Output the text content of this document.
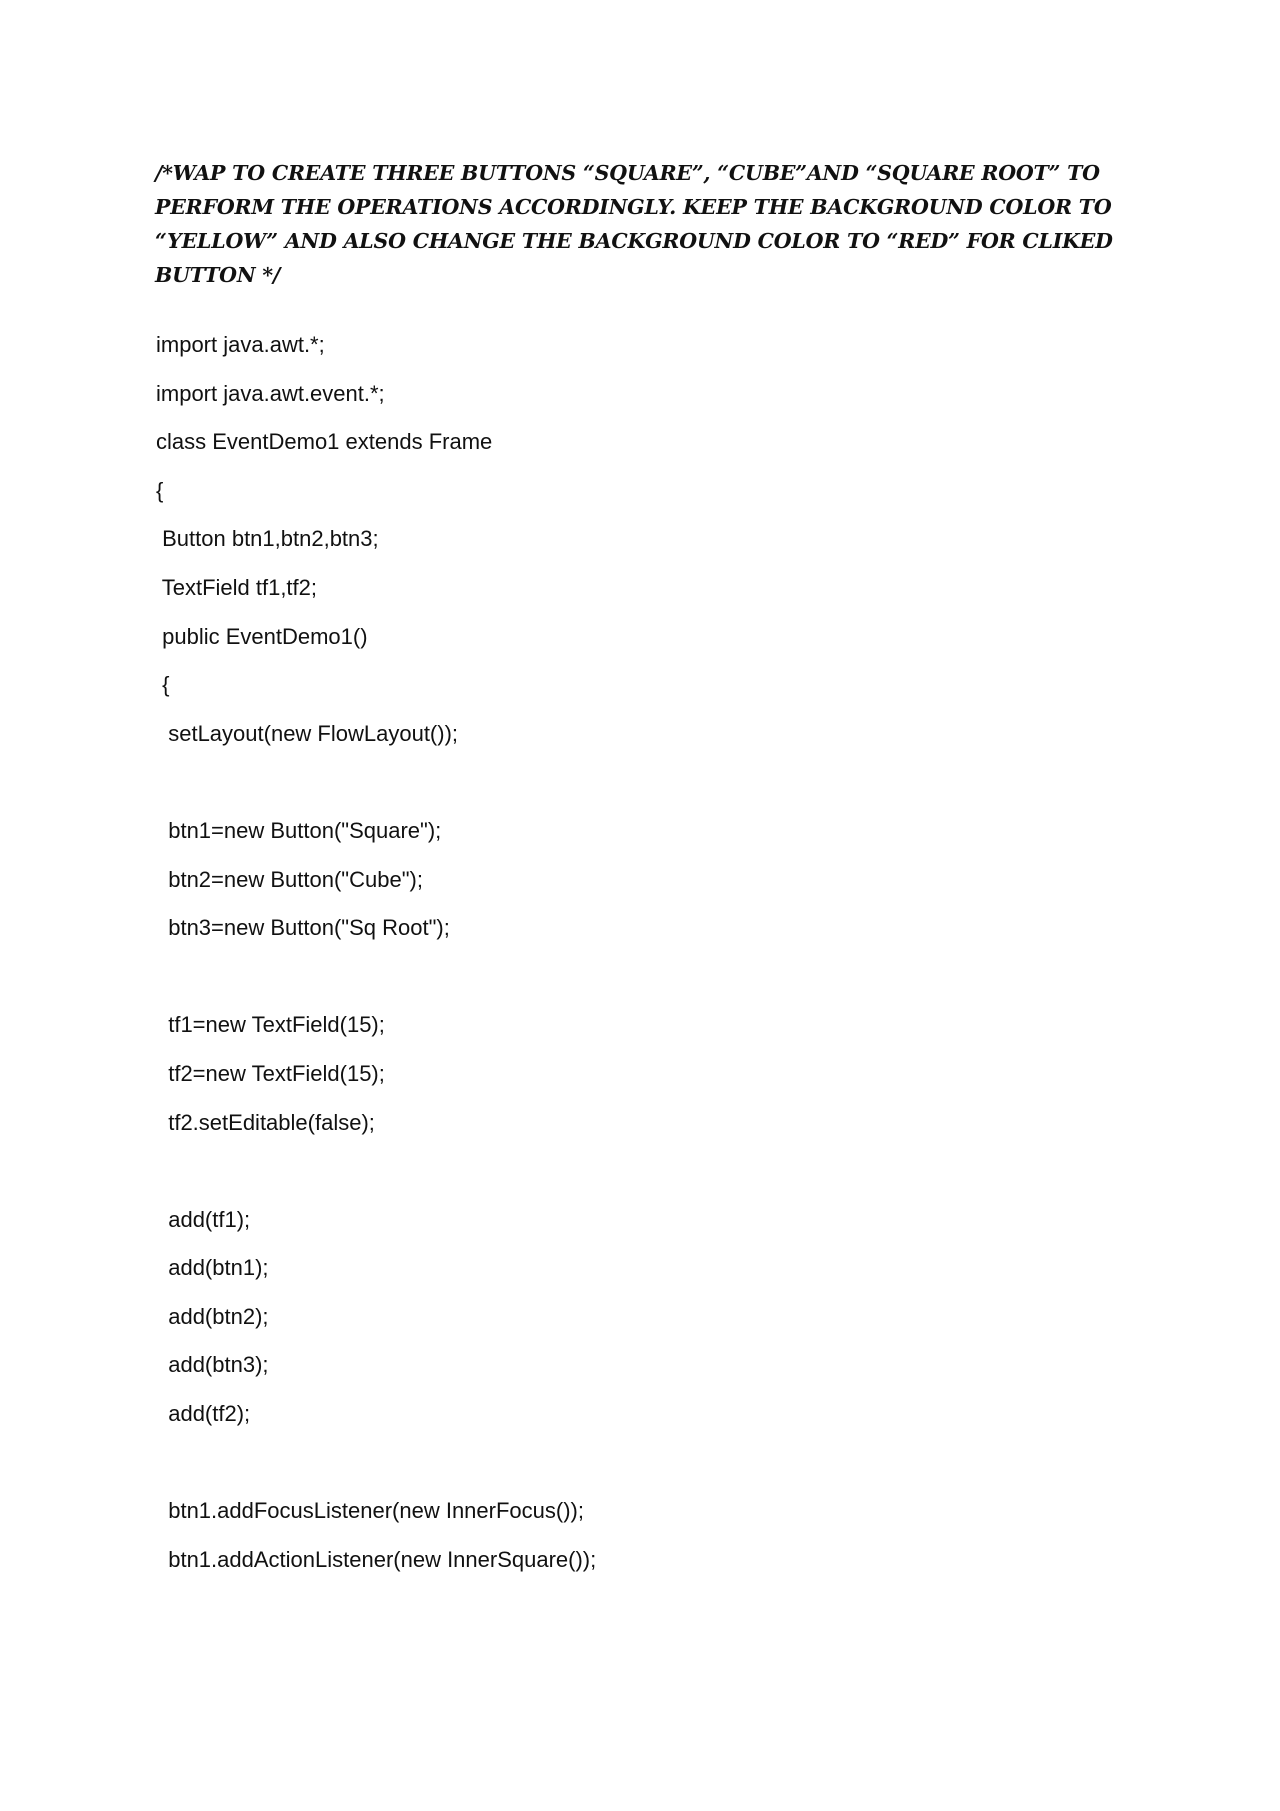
/*WAP TO CREATE THREE BUTTONS “SQUARE”, “CUBE”AND “SQUARE ROOT” TO PERFORM THE OPERATIONS ACCORDINGLY. KEEP THE BACKGROUND COLOR TO “YELLOW” AND ALSO CHANGE THE BACKGROUND COLOR TO “RED” FOR CLIKED BUTTON */

import java.awt.*;
import java.awt.event.*;
class EventDemo1 extends Frame
{
Button btn1,btn2,btn3;
TextField tf1,tf2;
public EventDemo1()
{
setLayout(new FlowLayout());
btn1=new Button("Square");
btn2=new Button("Cube");
btn3=new Button("Sq Root");
tf1=new TextField(15);
tf2=new TextField(15);
tf2.setEditable(false);
add(tf1);
add(btn1);
add(btn2);
add(btn3);
add(tf2);
btn1.addFocusListener(new InnerFocus());
btn1.addActionListener(new InnerSquare());
